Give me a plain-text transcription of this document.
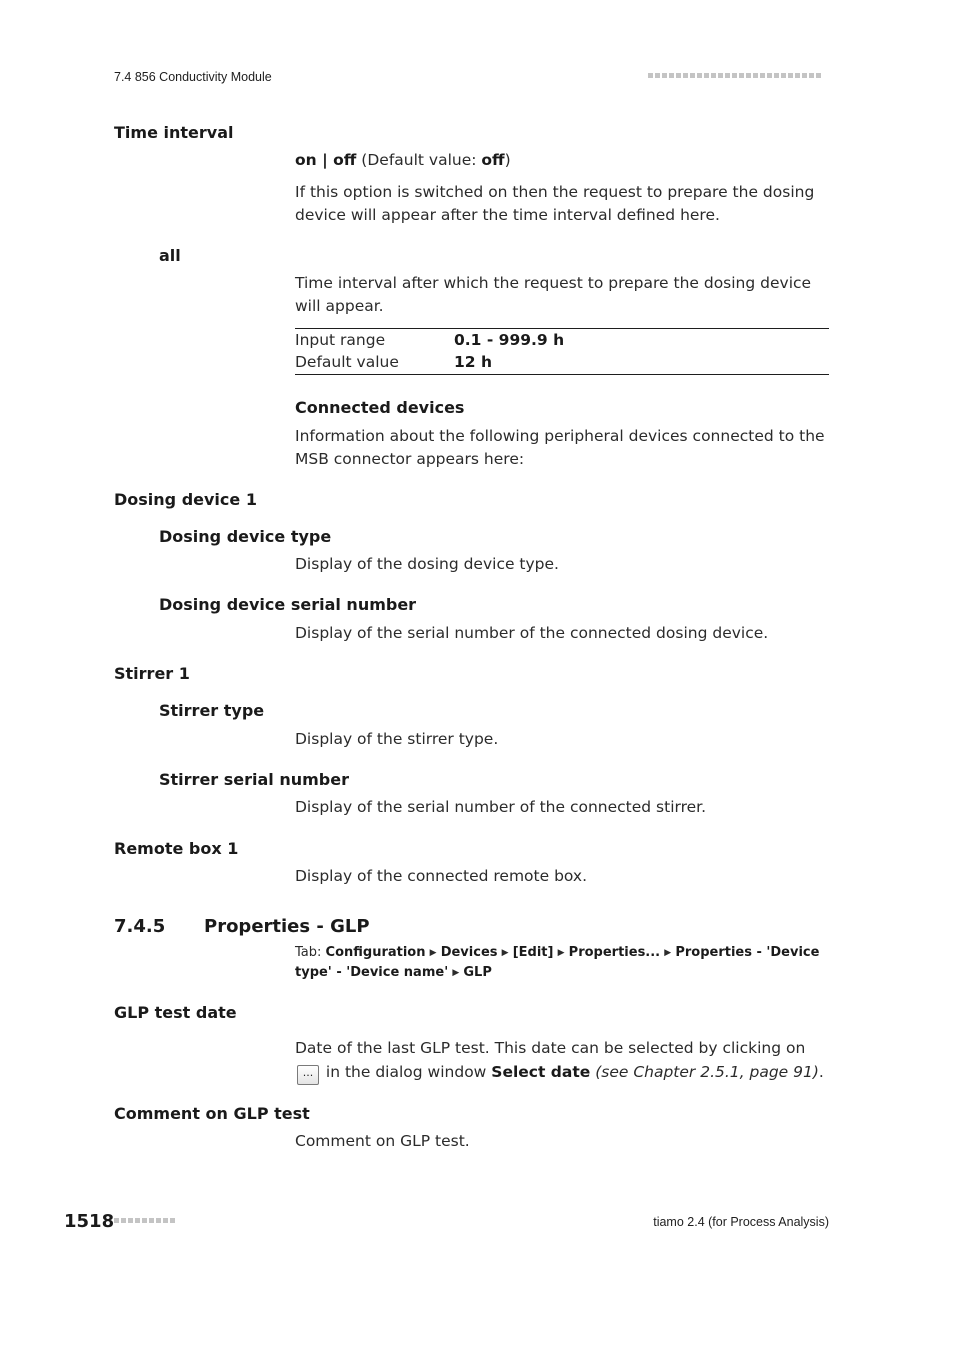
7.4 856 Conductivity Module
Time interval
on | off (Default value: off)
If this option is switched on then the request to prepare the dosing device will appear after the time interval defined here.
all
Time interval after which the request to prepare the dosing device will appear.
Input range	0.1 - 999.9 h
Default value	12 h
Connected devices
Information about the following peripheral devices connected to the MSB connector appears here:
Dosing device 1
Dosing device type
Display of the dosing device type.
Dosing device serial number
Display of the serial number of the connected dosing device.
Stirrer 1
Stirrer type
Display of the stirrer type.
Stirrer serial number
Display of the serial number of the connected stirrer.
Remote box 1
Display of the connected remote box.
7.4.5 Properties - GLP
Tab: Configuration ▶ Devices ▶ [Edit] ▶ Properties... ▶ Properties - 'Device type' - 'Device name' ▶ GLP
GLP test date
Date of the last GLP test. This date can be selected by clicking on ... in the dialog window Select date (see Chapter 2.5.1, page 91).
Comment on GLP test
Comment on GLP test.
1518	tiamo 2.4 (for Process Analysis)
